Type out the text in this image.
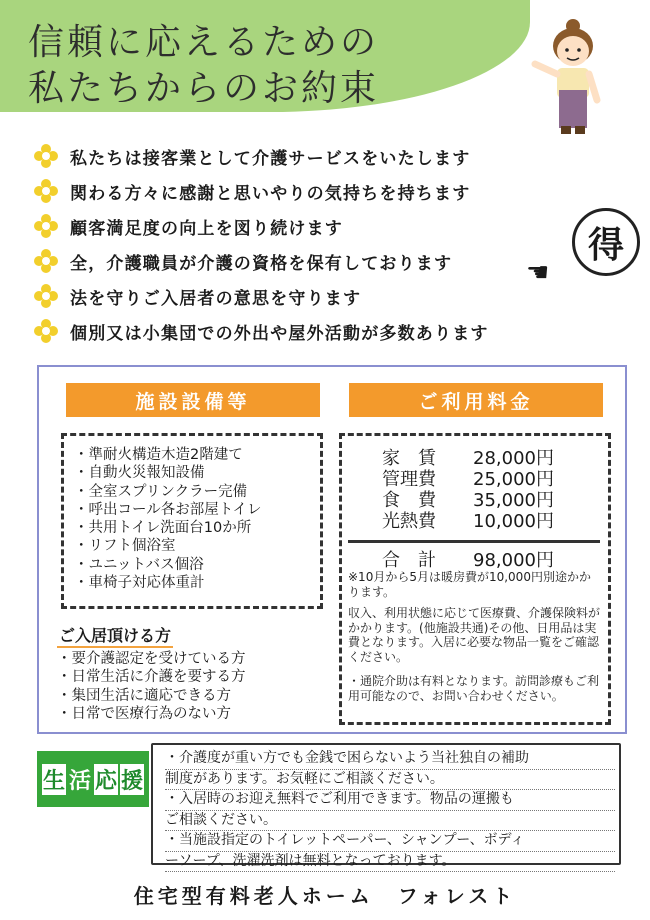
信頼に応えるための
私たちからのお約束
得
☚
私たちは接客業として介護サービスをいたします
関わる方々に感謝と思いやりの気持ちを持ちます
顧客満足度の向上を図り続けます
全，介護職員が介護の資格を保有しております
法を守りご入居者の意思を守ります
個別又は小集団での外出や屋外活動が多数あります
施設設備等	ご利用料金
・準耐火構造木造2階建て
・自動火災報知設備
・全室スプリンクラー完備
・呼出コール各お部屋トイレ
・共用トイレ洗面台10か所
・リフト個浴室
・ユニットバス個浴
・車椅子対応体重計
ご入居頂ける方
・要介護認定を受けている方
・日常生活に介護を要する方
・集団生活に適応できる方
・日常で医療行為のない方
家　賃 28,000円
管理費 25,000円
食　費 35,000円
光熱費 10,000円
合　計 98,000円
※10月から5月は暖房費が10,000円別途かかります。
収入、利用状態に応じて医療費、介護保険料がかかります。(他施設共通)その他、日用品は実費となります。入居に必要な物品一覧をご確認ください。
・通院介助は有料となります。訪問診療もご利用可能なので、お問い合わせください。
生 活 応 援
・介護度が重い方でも金銭で困らないよう当社独自の補助
制度があります。お気軽にご相談ください。
・入居時のお迎え無料でご利用できます。物品の運搬も
ご相談ください。
・当施設指定のトイレットペーパー、シャンプー、ボディ
ーソープ、洗濯洗剤は無料となっております。
住宅型有料老人ホーム　フォレスト
